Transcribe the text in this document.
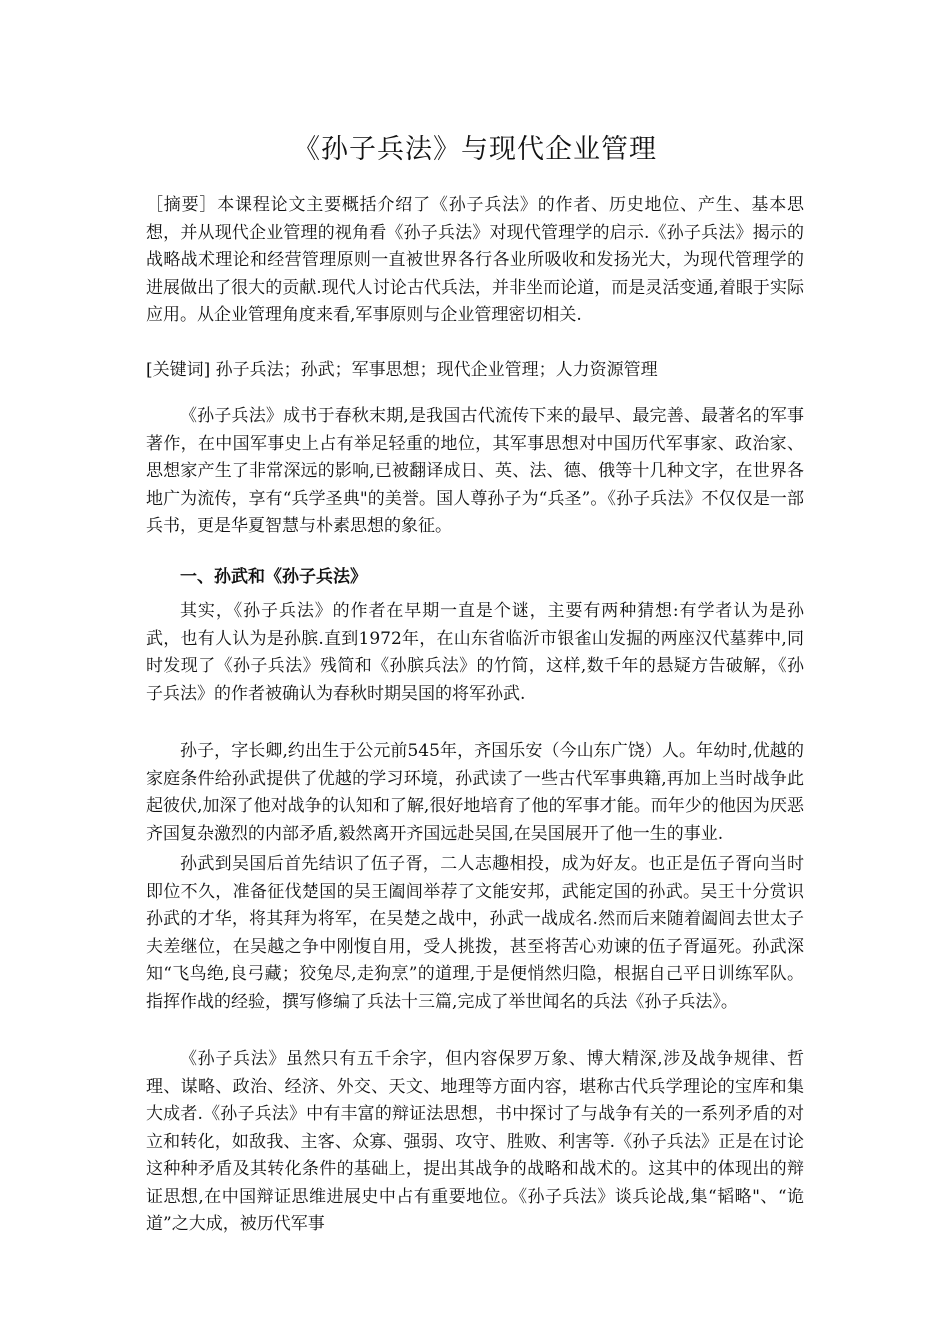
《孙子兵法》与现代企业管理

［摘要］本课程论文主要概括介绍了《孙子兵法》的作者、历史地位、产生、基本思想，并从现代企业管理的视角看《孙子兵法》对现代管理学的启示.《孙子兵法》揭示的战略战术理论和经营管理原则一直被世界各行各业所吸收和发扬光大，为现代管理学的进展做出了很大的贡献.现代人讨论古代兵法，并非坐而论道，而是灵活变通,着眼于实际应用。从企业管理角度来看,军事原则与企业管理密切相关.

[关键词] 孙子兵法；孙武；军事思想；现代企业管理；人力资源管理

《孙子兵法》成书于春秋末期,是我国古代流传下来的最早、最完善、最著名的军事著作，在中国军事史上占有举足轻重的地位，其军事思想对中国历代军事家、政治家、思想家产生了非常深远的影响,已被翻译成日、英、法、德、俄等十几种文字，在世界各地广为流传，享有“兵学圣典"的美誉。国人尊孙子为“兵圣”。《孙子兵法》不仅仅是一部兵书，更是华夏智慧与朴素思想的象征。

一、孙武和《孙子兵法》

其实，《孙子兵法》的作者在早期一直是个谜，主要有两种猜想:有学者认为是孙武，也有人认为是孙膑.直到1972年，在山东省临沂市银雀山发掘的两座汉代墓葬中,同时发现了《孙子兵法》残简和《孙膑兵法》的竹简，这样,数千年的悬疑方告破解，《孙子兵法》的作者被确认为春秋时期吴国的将军孙武.

孙子，字长卿,约出生于公元前545年，齐国乐安（今山东广饶）人。年幼时,优越的家庭条件给孙武提供了优越的学习环境，孙武读了一些古代军事典籍,再加上当时战争此起彼伏,加深了他对战争的认知和了解,很好地培育了他的军事才能。而年少的他因为厌恶齐国复杂激烈的内部矛盾,毅然离开齐国远赴吴国,在吴国展开了他一生的事业.

孙武到吴国后首先结识了伍子胥，二人志趣相投，成为好友。也正是伍子胥向当时即位不久，准备征伐楚国的吴王阖闾举荐了文能安邦，武能定国的孙武。吴王十分赏识孙武的才华，将其拜为将军，在吴楚之战中，孙武一战成名.然而后来随着阖闾去世太子夫差继位，在吴越之争中刚愎自用，受人挑拨，甚至将苦心劝谏的伍子胥逼死。孙武深知“飞鸟绝,良弓藏；狡兔尽,走狗烹”的道理,于是便悄然归隐，根据自己平日训练军队。指挥作战的经验，撰写修编了兵法十三篇,完成了举世闻名的兵法《孙子兵法》。

《孙子兵法》虽然只有五千余字，但内容保罗万象、博大精深,涉及战争规律、哲理、谋略、政治、经济、外交、天文、地理等方面内容，堪称古代兵学理论的宝库和集大成者.《孙子兵法》中有丰富的辩证法思想，书中探讨了与战争有关的一系列矛盾的对立和转化，如敌我、主客、众寡、强弱、攻守、胜败、利害等.《孙子兵法》正是在讨论这种种矛盾及其转化条件的基础上，提出其战争的战略和战术的。这其中的体现出的辩证思想,在中国辩证思维进展史中占有重要地位。《孙子兵法》谈兵论战,集“韬略"、“诡道”之大成，被历代军事
